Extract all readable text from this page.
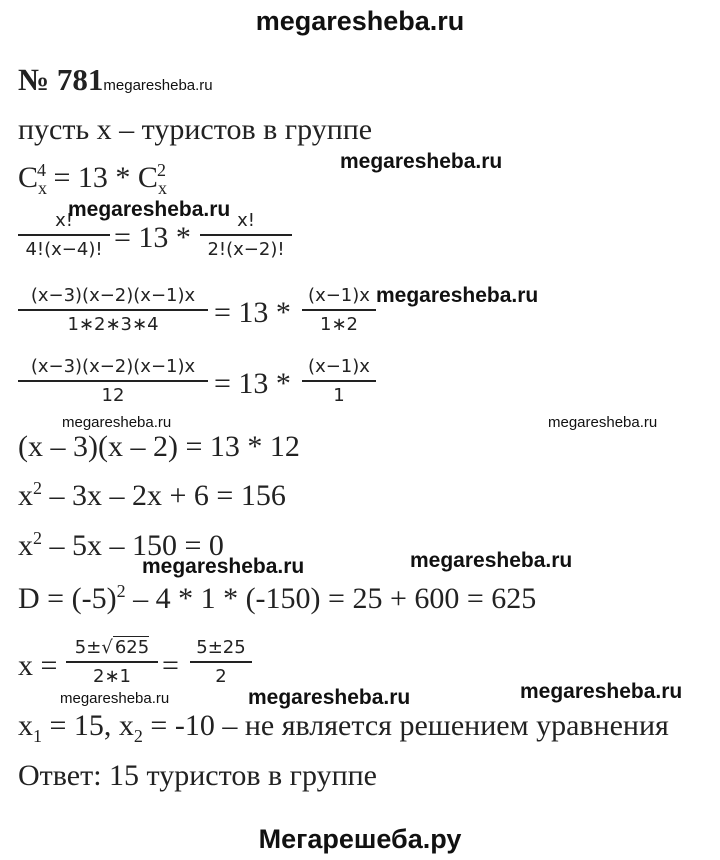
megaresheba.ru
№ 781megaresheba.ru
пусть x – туристов в группе
$C_x^4 = 13 * C_x^2$	megaresheba.ru
x!
4!(x−4)! = 13 *
x!
2!(x−2)!
megaresheba.ru
(x−3)(x−2)(x−1)x
1∗2∗3∗4	= 13 *
(x−1)x
1∗2
megaresheba.ru
(x−3)(x−2)(x−1)x
12	= 13 *
(x−1)x
1
megaresheba.ru	megaresheba.ru
(x – 3)(x – 2) = 13 * 12
$x^2 - 3x - 2x + 6 = 156$
$x^2 - 5x - 150 = 0$
megaresheba.ru	megaresheba.ru
$D = (-5)^2 - 4 * 1 * (-150) = 25 + 600 = 625$
x =
5±√ 625
2∗1	=
5±25
2
megaresheba.ru	megaresheba.ru	megaresheba.ru
$x_1 = 15$, $x_2 = -10$ – не является решением уравнения
Ответ: 15 туристов в группе
Мегарешеба.ру
